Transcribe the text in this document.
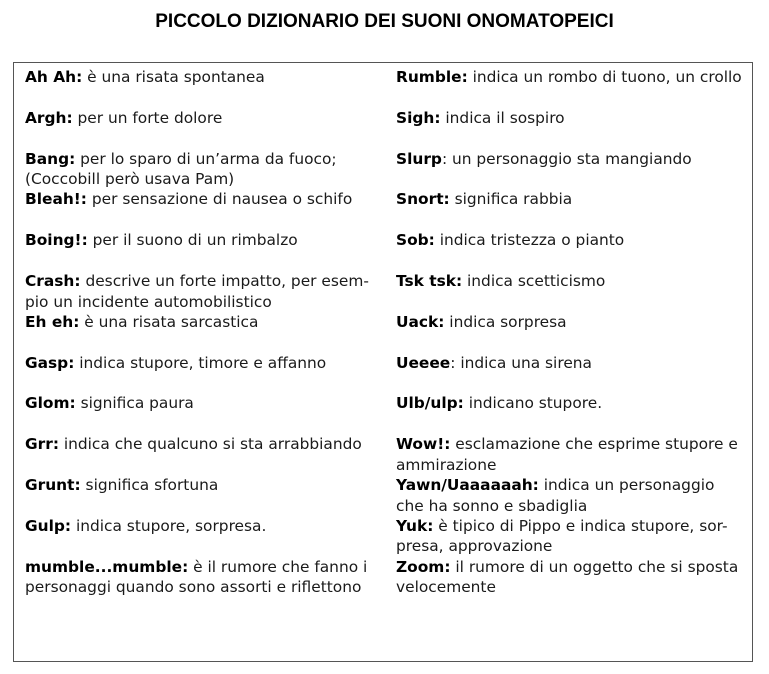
PICCOLO DIZIONARIO DEI SUONI ONOMATOPEICI
Ah Ah: è una risata spontanea
Argh: per un forte dolore
Bang: per lo sparo di un’arma da fuoco;
(Coccobill però usava Pam)
Bleah!: per sensazione di nausea o schifo
Boing!: per il suono di un rimbalzo
Crash: descrive un forte impatto, per esem-
pio un incidente automobilistico
Eh eh: è una risata sarcastica
Gasp: indica stupore, timore e affanno
Glom: significa paura
Grr: indica che qualcuno si sta arrabbiando
Grunt: significa sfortuna
Gulp: indica stupore, sorpresa.
mumble...mumble: è il rumore che fanno i
personaggi quando sono assorti e riflettono
Rumble: indica un rombo di tuono, un crollo
Sigh: indica il sospiro
Slurp: un personaggio sta mangiando
Snort: significa rabbia
Sob: indica tristezza o pianto
Tsk tsk: indica scetticismo
Uack: indica sorpresa
Ueeee: indica una sirena
Ulb/ulp: indicano stupore.
Wow!: esclamazione che esprime stupore e
ammirazione
Yawn/Uaaaaaah: indica un personaggio
che ha sonno e sbadiglia
Yuk: è tipico di Pippo e indica stupore, sor-
presa, approvazione
Zoom: il rumore di un oggetto che si sposta
velocemente
